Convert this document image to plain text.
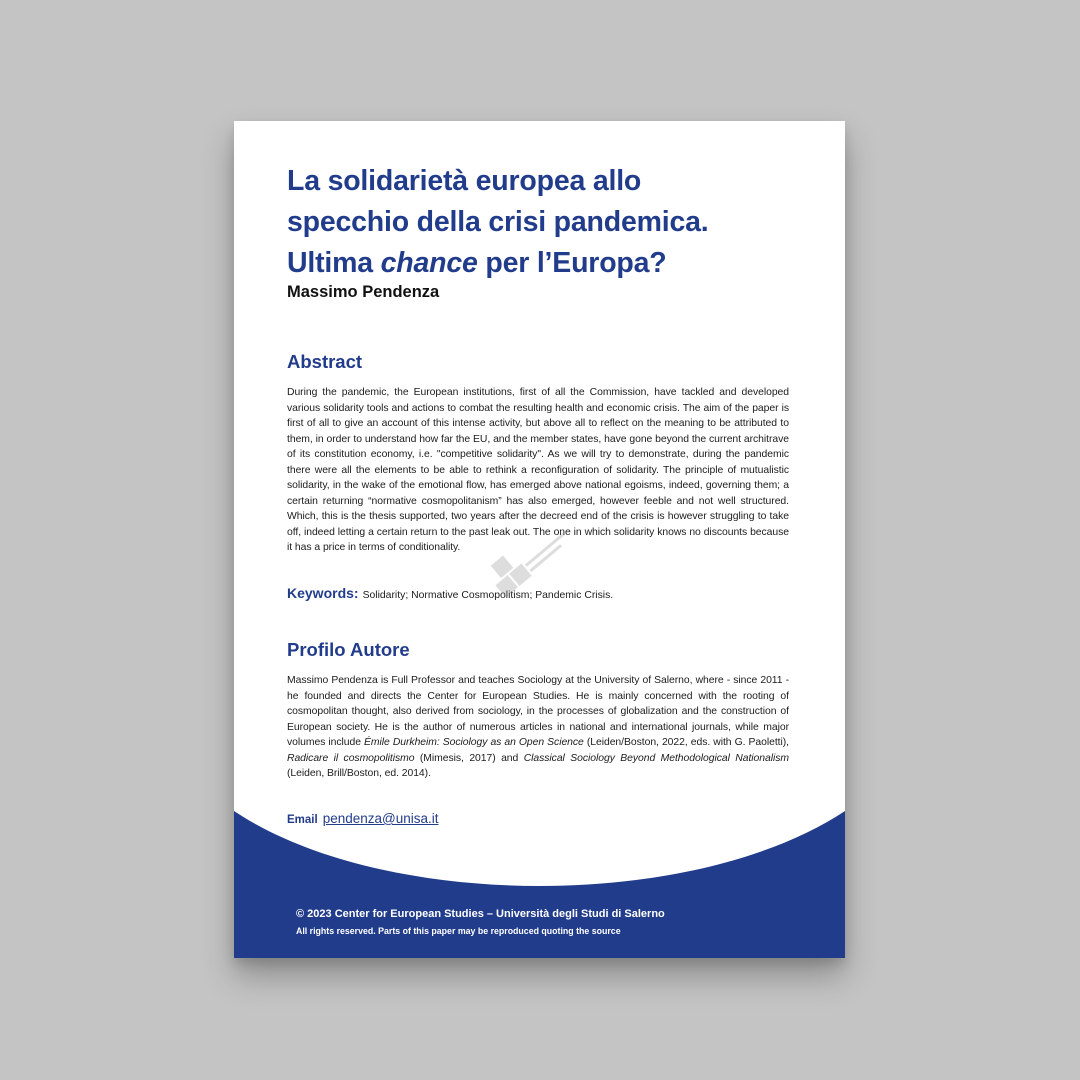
La solidarietà europea allo
specchio della crisi pandemica.
Ultima chance per l’Europa?
Massimo Pendenza
Abstract

During the pandemic, the European institutions, first of all the Commission, have tackled and developed various solidarity tools and actions to combat the resulting health and economic crisis. The aim of the paper is first of all to give an account of this intense activity, but above all to reflect on the meaning to be attributed to them, in order to understand how far the EU, and the member states, have gone beyond the current architrave of its constitution economy, i.e. "competitive solidarity". As we will try to demonstrate, during the pandemic there were all the elements to be able to rethink a reconfiguration of solidarity. The principle of mutualistic solidarity, in the wake of the emotional flow, has emerged above national egoisms, indeed, governing them; a certain returning “normative cosmopolitanism” has also emerged, however feeble and not well structured. Which, this is the thesis supported, two years after the decreed end of the crisis is however struggling to take off, indeed letting a certain return to the past leak out. The one in which solidarity knows no discounts because it has a price in terms of conditionality.

Keywords: Solidarity; Normative Cosmopolitism; Pandemic Crisis.
Profilo Autore

Massimo Pendenza is Full Professor and teaches Sociology at the University of Salerno, where - since 2011 - he founded and directs the Center for European Studies. He is mainly concerned with the rooting of cosmopolitan thought, also derived from sociology, in the processes of globalization and the construction of European society. He is the author of numerous articles in national and international journals, while major volumes include Émile Durkheim: Sociology as an Open Science (Leiden/Boston, 2022, eds. with G. Paoletti), Radicare il cosmopolitismo (Mimesis, 2017) and Classical Sociology Beyond Methodological Nationalism (Leiden, Brill/Boston, ed. 2014).

Email pendenza@unisa.it
© 2023 Center for European Studies – Università degli Studi di Salerno
All rights reserved. Parts of this paper may be reproduced quoting the source
